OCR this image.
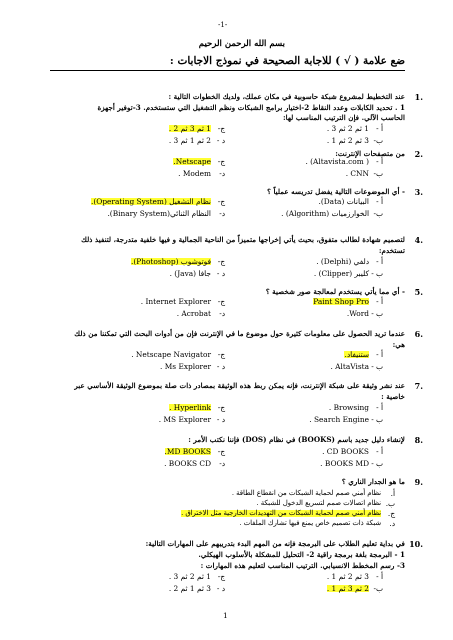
-1-
بسم الله الرحمن الرحيم
ضع علامة ( √ ) للاجابة الصحيحة في نموذج الاجابات :
1.
عند التخطيط لمشروع شبكة حاسوبية في مكان عملك، ولديك الخطوات التالية :
1 . تحديد الكابلات وعدد النقاط 2-اختيار برامج الشبكات ونظم التشغيل التي ستستخدم. 3-توفير أجهزة
الحاسب الآلي. فإن الترتيب المناسب لها:
أ -
1 ثم 2 ثم 3 .
ج-
1 ثم 3 ثم 2 .
ب-
3 ثم 2 ثم 1 .
د -
2 ثم 1 ثم 3 .
2.
من متصفحات الإنترنت:
أ -
( Altavista.com) .
ج-
Netscape.
ب-
CNN .
د-
Modem .
3.
- أي الموضوعات التالية يفضل تدريسه عملياً ؟
أ -
البيانات (Data).
ج-
نظام التشغيل (Operating System).
ب-
الخوارزميات (Algorithm) .
د-
النظام الثنائي(Binary System).
4.
لتصميم شهادة لطالب متفوق، بحيث يأتي إخراجها متميزاً من الناحية الجمالية و فيها خلفية متدرجة، لتنفيذ ذلك
تستخدم:
أ -
دلفي (Delphi) .
ج-
فوتوشوب (Photoshop).
ب -
كليبر (Clipper) .
د -
جافا (Java) .
5.
- أي مما يأتي يستخدم لمعالجة صور شخصية ؟
أ -
Paint Shop Pro
ج-
Internet Explorer .
ب -
Word.
د-
Acrobat .
6.
عندما تريد الحصول على معلومات كثيرة حول موضوع ما في الإنترنت فإن من أدوات البحث التي تمكننا من ذلك
هي:
أ -
ستنيفاد.
ج-
Netscape Navigator .
ب -
AltaVista .
د -
Ms Explorer .
7.
عند نشر وثيقة على شبكة الإنترنت، فإنه يمكن ربط هذه الوثيقة بمصادر ذات صلة بموضوع الوثيقة الأساسي عبر
خاصية :
أ -
Browsing .
ج-
Hyperlink .
ب -
Search Engine .
د -
MS Explorer .
8.
لإنشاء دليل جديد باسم (BOOKS) في نظام (DOS) فإننا نكتب الأمر :
أ -
CD BOOKS .
ج-
MD BOOKS.
ب -
BOOKS MD .
د-
BOOKS CD .
9.
ما هو الجدار الناري ؟
أ.
نظام أمني صمم لحماية الشبكات من انقطاع الطاقة .
ب.
نظام اتصالات صمم لتسريع الدخول للشبكة .
ج.
نظام أمني صمم لحماية الشبكات من التهديدات الخارجية مثل الاختراق .
د.
شبكة ذات تصميم خاص يمنع فيها تشارك الملفات .
10.
في بداية تعليم الطلاب على البرمجة فإنه من المهم البدء بتدريبهم على المهارات التالية:
1 - البرمجة بلغة برمجة راقية 2- التحليل للمشكلة بالأسلوب الهيكلي.
3- رسم المخطط الانسيابي. الترتيب المناسب لتعليم هذه المهارات :
أ -
3 ثم 2 ثم 1 .
ج-
1 ثم 2 ثم 3 .
ب-
2 ثم 3 ثم 1 .
د -
3 ثم 1 ثم 2 .
1
